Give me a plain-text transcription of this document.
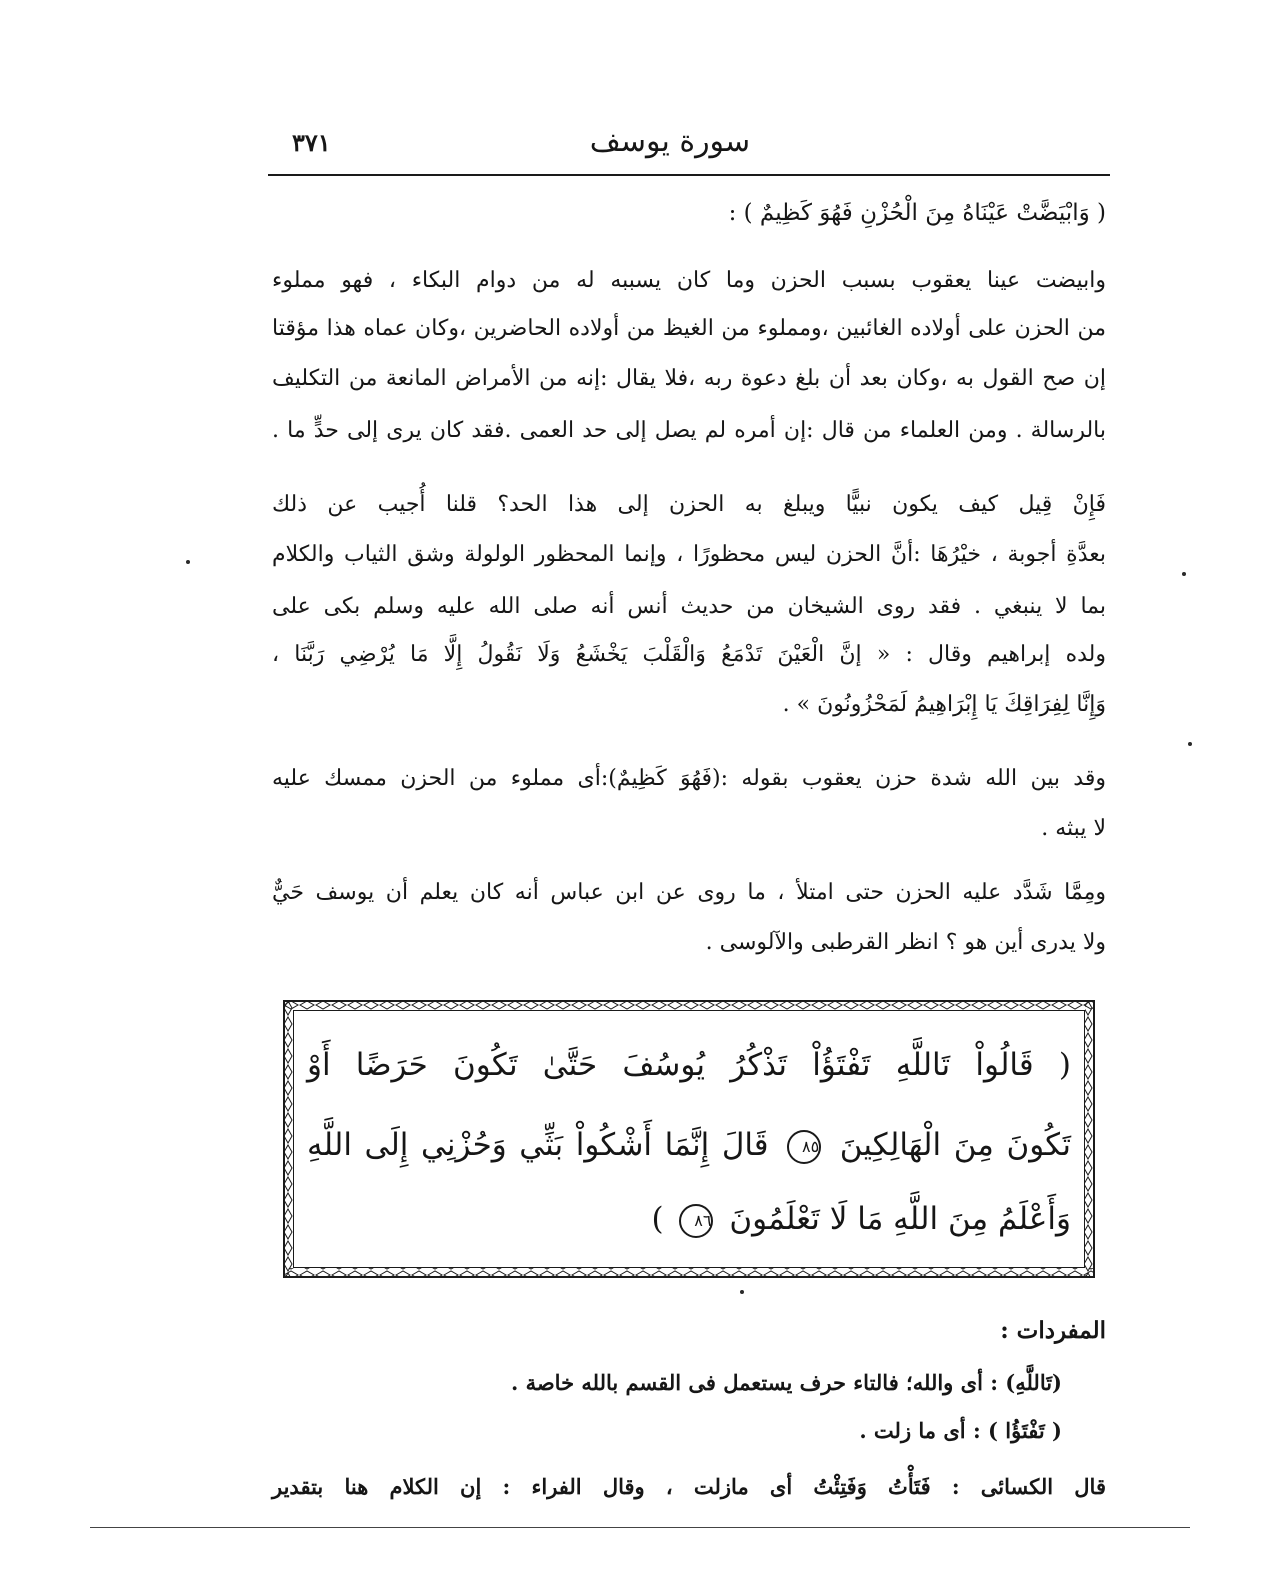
٣٧١	سورة يوسف
( وَابْيَضَّتْ عَيْنَاهُ مِنَ الْحُزْنِ فَهُوَ كَظِيمٌ ) :
وابيضت عينا يعقوب بسبب الحزن وما كان يسببه له من دوام البكاء ، فهو مملوء
من الحزن على أولاده الغائبين ،ومملوء من الغيظ من أولاده الحاضرين ،وكان عماه هذا مؤقتا
إن صح القول به ،وكان بعد أن بلغ دعوة ربه ،فلا يقال :إنه من الأمراض المانعة من التكليف
بالرسالة . ومن العلماء من قال :إن أمره لم يصل إلى حد العمى .فقد كان يرى إلى حدٍّ ما .
فَإِنْ قِيل كيف يكون نبيًّا ويبلغ به الحزن إلى هذا الحد؟ قلنا أُجيب عن ذلك
بعدَّةِ أجوبة ، خيْرُهَا :أنَّ الحزن ليس محظورًا ، وإنما المحظور الولولة وشق الثياب والكلام
بما لا ينبغي . فقد روى الشيخان من حديث أنس أنه صلى الله عليه وسلم بكى على
ولده إبراهيم وقال : « إنَّ الْعَيْنَ تَدْمَعُ وَالْقَلْبَ يَخْشَعُ وَلَا نَقُولُ إِلَّا مَا يُرْضِي رَبَّنَا ،
وَإِنَّا لِفِرَاقِكَ يَا إِبْرَاهِيمُ لَمَحْزُونُونَ » .
وقد بين الله شدة حزن يعقوب بقوله :(فَهُوَ كَظِيمٌ):أى مملوء من الحزن ممسك عليه
لا يبثه .
ومِمَّا شَدَّد عليه الحزن حتى امتلأ ، ما روى عن ابن عباس أنه كان يعلم أن يوسف حَيٌّ
ولا يدرى أين هو ؟ انظر القرطبى والآلوسى .
( قَالُواْ تَاللَّهِ تَفْتَؤُاْ تَذْكُرُ يُوسُفَ حَتَّىٰ تَكُونَ حَرَضًا أَوْ
تَكُونَ مِنَ الْهَالِكِينَ ٨٥ قَالَ إِنَّمَا أَشْكُواْ بَثِّي وَحُزْنِي إِلَى اللَّهِ
وَأَعْلَمُ مِنَ اللَّهِ مَا لَا تَعْلَمُونَ ٨٦ )
المفردات :
(تَاللَّهِ) : أى والله؛ فالتاء حرف يستعمل فى القسم بالله خاصة .
( تَفْتَؤُا ) : أى ما زلت .
قال الكسائى : فَتَأْتُ وَفَتِئْتُ أى مازلت ، وقال الفراء : إن الكلام هنا بتقدير
